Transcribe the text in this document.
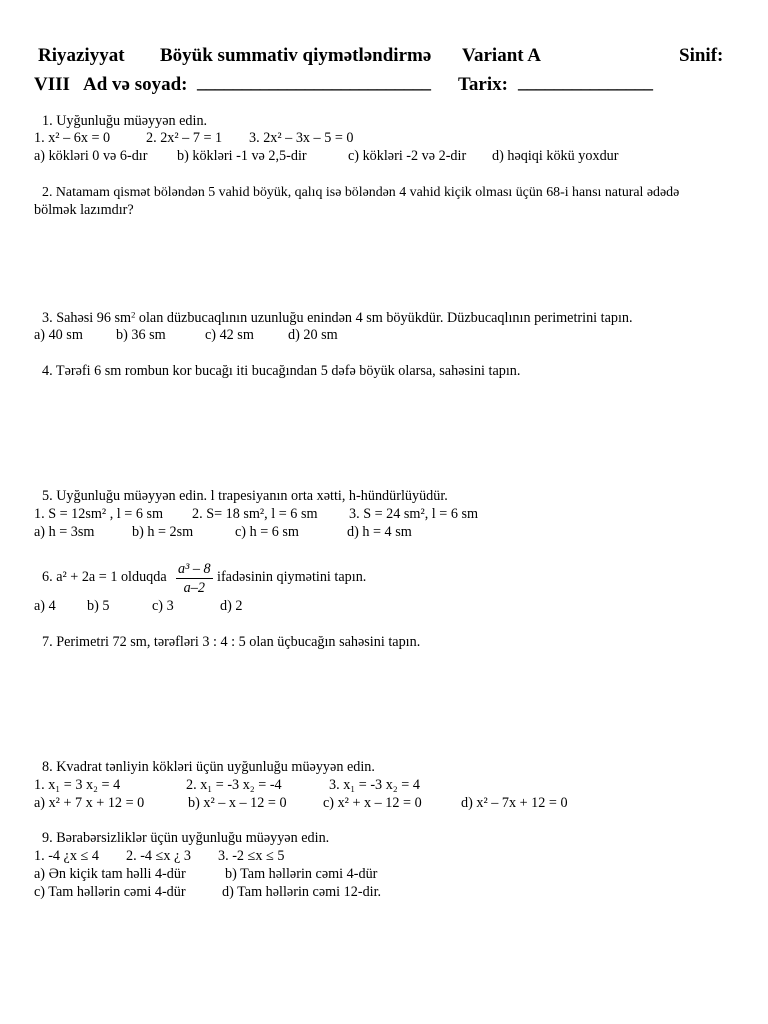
Riyaziyyat Böyük summativ qiymətləndirmə Variant A	Sinif:
VIII Ad və soyad: __________________________ Tarix: _______________
1. Uyğunluğu müəyyən edin.
1. x² – 6x = 0	2. 2x² – 7 = 1 3. 2x² – 3x – 5 = 0
a) kökləri 0 və 6-dır b) kökləri -1 və 2,5-dir	c) kökləri -2 və 2-dir d) həqiqi kökü yoxdur
2. Natamam qismət böləndən 5 vahid böyük, qalıq isə böləndən 4 vahid kiçik olması üçün 68-i hansı natural ədədə
bölmək lazımdır?
3. Sahəsi 96 $sm^2$ olan düzbucaqlının uzunluğu enindən 4 sm böyükdür. Düzbucaqlının perimetrini tapın.
a) 40 sm b) 36 sm	c) 42 sm d) 20 sm
4. Tərəfi 6 sm rombun kor bucağı iti bucağından 5 dəfə böyük olarsa, sahəsini tapın.
5. Uyğunluğu müəyyən edin. l trapesiyanın orta xətti, h-hündürlüyüdür.
1. S = 12sm² , l = 6 sm 2. S= 18 sm², l = 6 sm 3. S = 24 sm², l = 6 sm
a) h = 3sm	b) h = 2sm	c) h = 6 sm	d) h = 4 sm
6. a² + 2a = 1 olduqda $\frac{\text{a³ – 8}}{a-2}$ ifadəsinin qiymətini tapın.
a) 4 b) 5	c) 3	d) 2
7. Perimetri 72 sm, tərəfləri 3 : 4 : 5 olan üçbucağın sahəsini tapın.
8. Kvadrat tənliyin kökləri üçün uyğunluğu müəyyən edin.
1. x₁ = 3 x₂ = 4	2. x₁ = -3 x₂ = -4	3. x₁ = -3 x₂ = 4
a) x² + 7 x + 12 = 0	b) x² – x – 12 = 0	c) x² + x – 12 = 0	d) x² – 7x + 12 = 0
9. Bərabərsizliklər üçün uyğunluğu müəyyən edin.
1. -4 ¿x ≤ 4 2. -4 ≤x ¿ 3 3. -2 ≤x ≤ 5
a) Ən kiçik tam həlli 4-dür	b) Tam həllərin cəmi 4-dür
c) Tam həllərin cəmi 4-dür	d) Tam həllərin cəmi 12-dir.
